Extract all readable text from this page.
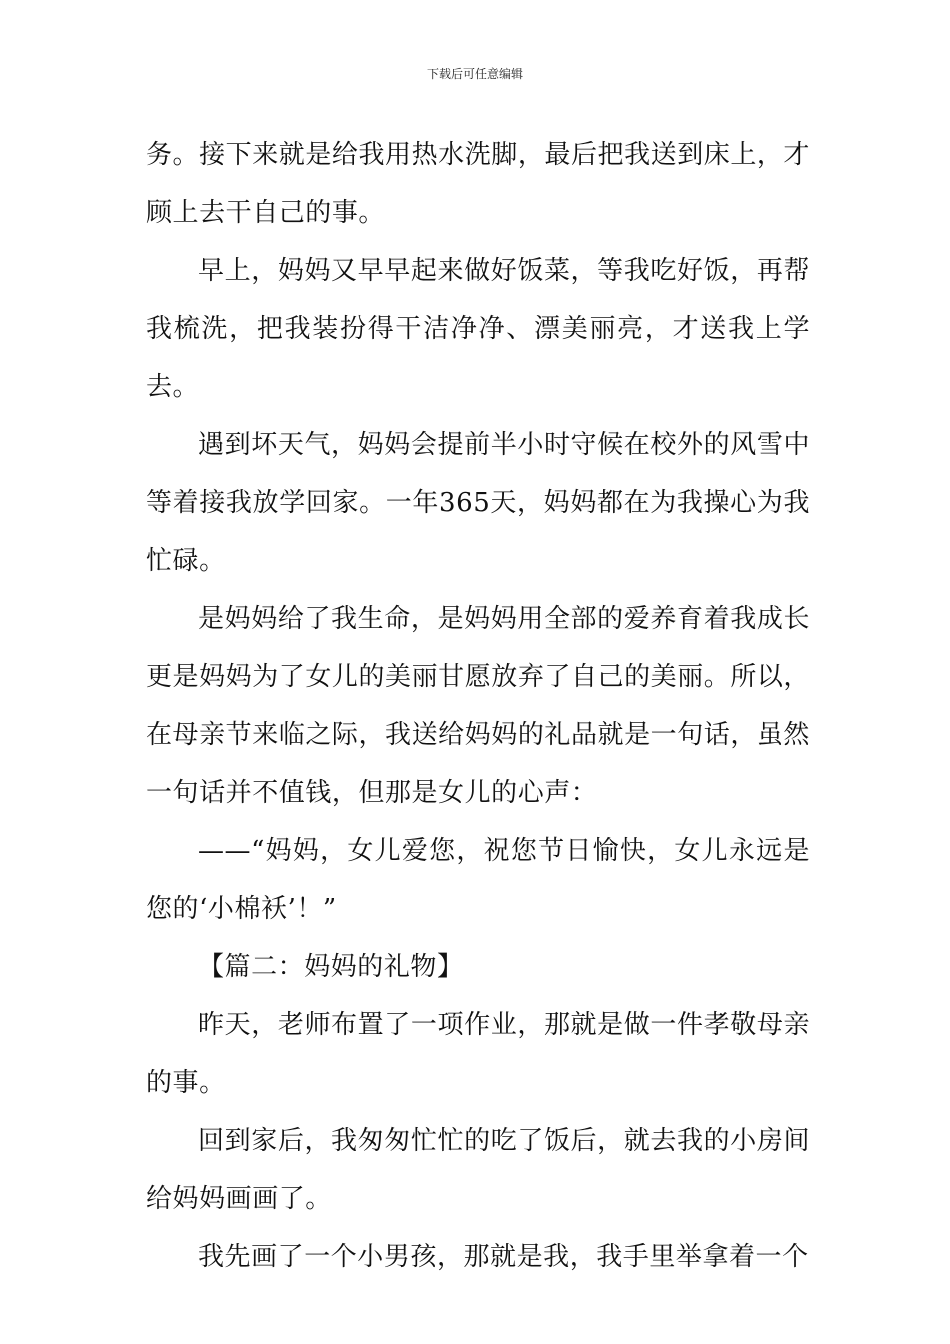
下载后可任意编辑

务。接下来就是给我用热水洗脚，最后把我送到床上，才顾上去干自己的事。

早上，妈妈又早早起来做好饭菜，等我吃好饭，再帮我梳洗，把我装扮得干洁净净、漂美丽亮，才送我上学去。

遇到坏天气，妈妈会提前半小时守候在校外的风雪中等着接我放学回家。一年365天，妈妈都在为我操心为我忙碌。

是妈妈给了我生命，是妈妈用全部的爱养育着我成长更是妈妈为了女儿的美丽甘愿放弃了自己的美丽。所以，在母亲节来临之际，我送给妈妈的礼品就是一句话，虽然一句话并不值钱，但那是女儿的心声：

——“妈妈，女儿爱您，祝您节日愉快，女儿永远是您的‘小棉袄’！”

【篇二：妈妈的礼物】

昨天，老师布置了一项作业，那就是做一件孝敬母亲的事。

回到家后，我匆匆忙忙的吃了饭后，就去我的小房间给妈妈画画了。

我先画了一个小男孩，那就是我，我手里举拿着一个
